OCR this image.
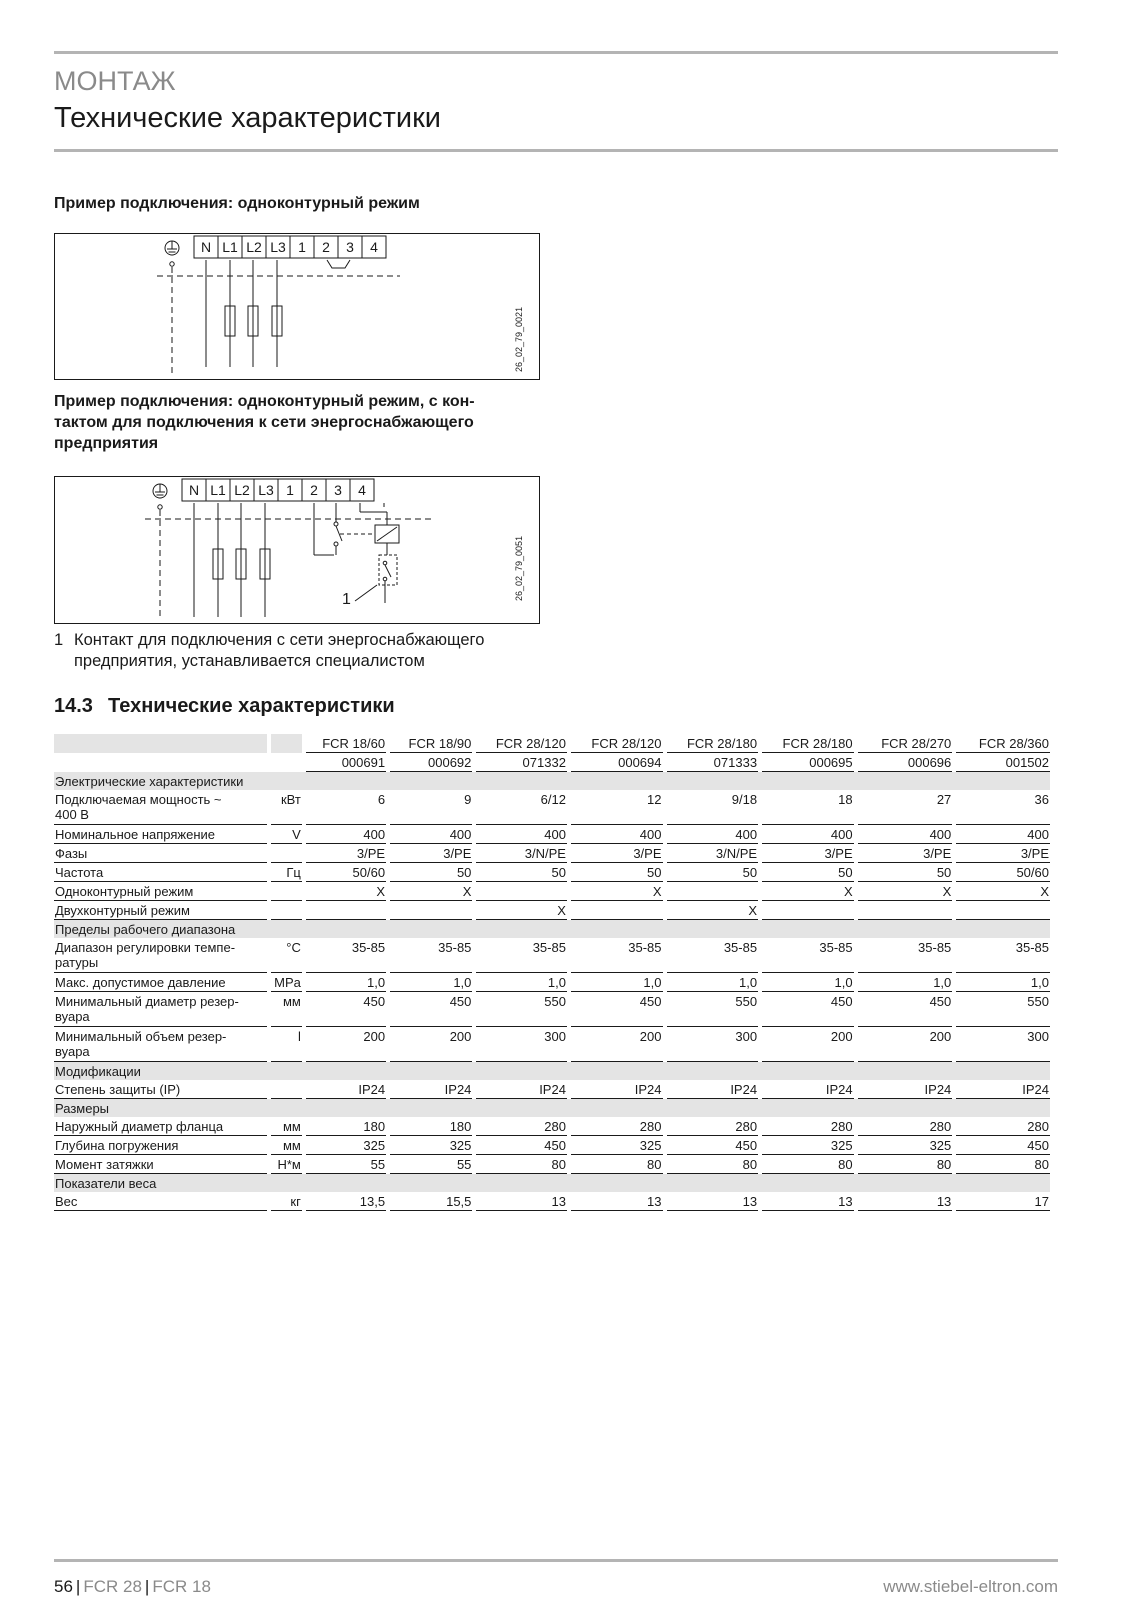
МОНТАЖ
Технические характеристики
Пример подключения: одноконтурный режим
N L1 L2 L3 1 2 3 4
26_02_79_0021
Пример подключения: одноконтурный режим, с кон-
тактом для подключения к сети энергоснабжающего
предприятия
N L1 L2 L3 1 2 3 4
1	26_02_79_0051
1 Контакт для подключения с сети энергоснабжающего
предприятия, устанавливается специалистом
14.3 Технические характеристики
		FCR 18/60	FCR 18/90	FCR 28/120	FCR 28/120	FCR 28/180	FCR 28/180	FCR 28/270	FCR 28/360
		000691	000692	071332	000694	071333	000695	000696	001502
Электрические характеристики									

Подключаемая мощность ~
400 В	кВт	6	9	6/12	12	9/18	18	27	36

Номинальное напряжение	V	400	400	400	400	400	400	400	400

Фазы		3/PE	3/PE	3/N/PE	3/PE	3/N/PE	3/PE	3/PE	3/PE

Частота	Гц	50/60	50	50	50	50	50	50	50/60

Одноконтурный режим		X	X		X		X	X	X

Двухконтурный режим				X		X			
Пределы рабочего диапазона									

Диапазон регулировки темпе-
ратуры	°C	35-85	35-85	35-85	35-85	35-85	35-85	35-85	35-85

Макс. допустимое давление	MPa	1,0	1,0	1,0	1,0	1,0	1,0	1,0	1,0

Минимальный диаметр резер-
вуара	мм	450	450	550	450	550	450	450	550

Минимальный объем резер-
вуара	l	200	200	300	200	300	200	200	300
Модификации									

Степень защиты (IP)		IP24	IP24	IP24	IP24	IP24	IP24	IP24	IP24
Размеры									

Наружный диаметр фланца	мм	180	180	280	280	280	280	280	280

Глубина погружения	мм	325	325	450	325	450	325	325	450

Момент затяжки	Н*м	55	55	80	80	80	80	80	80
Показатели веса									

Вес	кг	13,5	15,5	13	13	13	13	13	17
56 | FCR 28 | FCR 18	www.stiebel-eltron.com
